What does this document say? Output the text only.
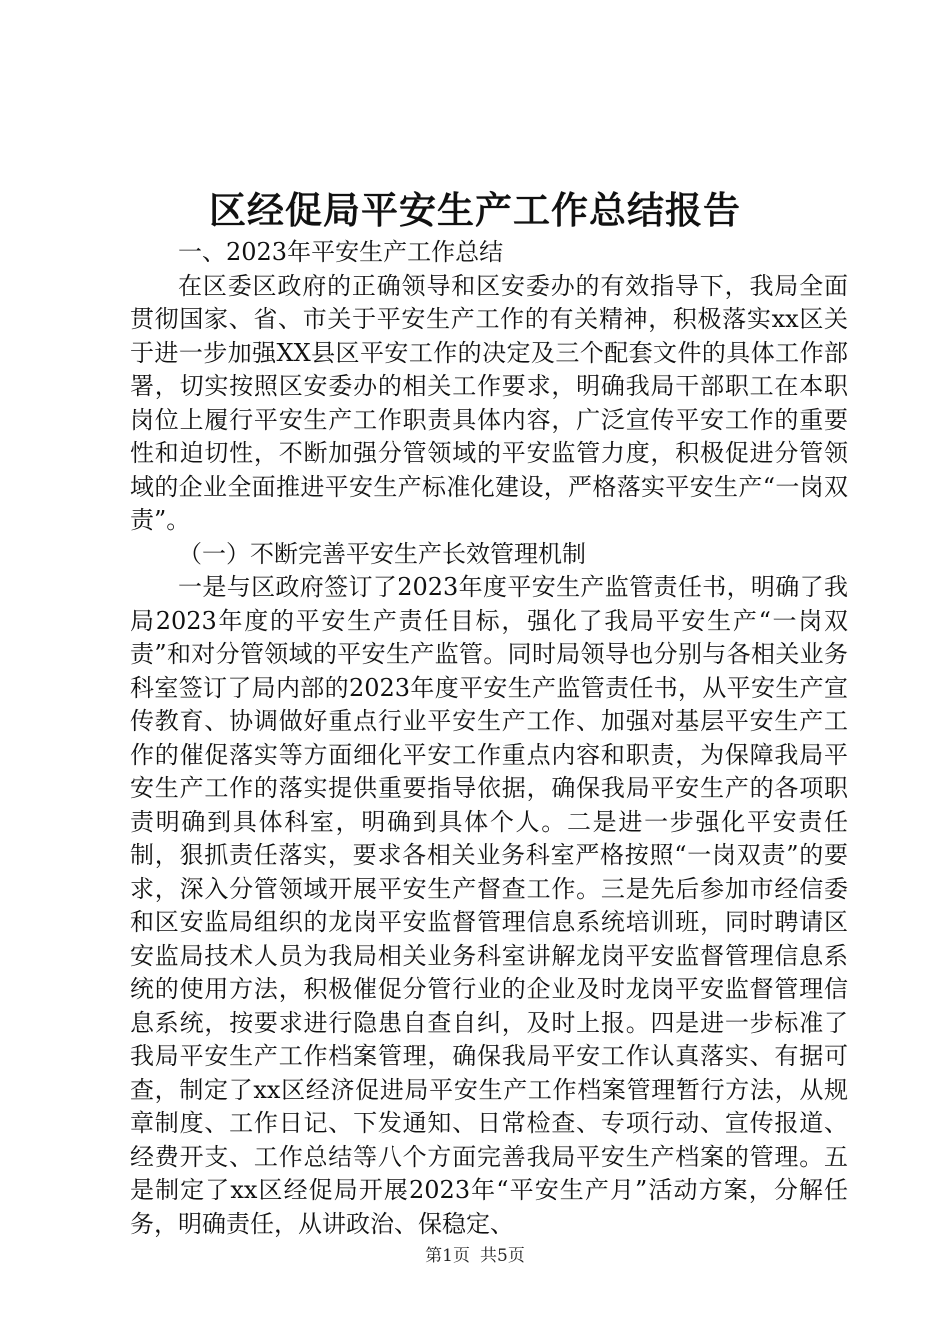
区经促局平安生产工作总结报告

一、2023年平安生产工作总结

在区委区政府的正确领导和区安委办的有效指导下，我局全面贯彻国家、省、市关于平安生产工作的有关精神，积极落实xx区关于进一步加强XX县区平安工作的决定及三个配套文件的具体工作部署，切实按照区安委办的相关工作要求，明确我局干部职工在本职岗位上履行平安生产工作职责具体内容，广泛宣传平安工作的重要性和迫切性，不断加强分管领域的平安监管力度，积极促进分管领域的企业全面推进平安生产标准化建设，严格落实平安生产“一岗双责”。

（一）不断完善平安生产长效管理机制

一是与区政府签订了2023年度平安生产监管责任书，明确了我局2023年度的平安生产责任目标，强化了我局平安生产“一岗双责”和对分管领域的平安生产监管。同时局领导也分别与各相关业务科室签订了局内部的2023年度平安生产监管责任书，从平安生产宣传教育、协调做好重点行业平安生产工作、加强对基层平安生产工作的催促落实等方面细化平安工作重点内容和职责，为保障我局平安生产工作的落实提供重要指导依据，确保我局平安生产的各项职责明确到具体科室，明确到具体个人。二是进一步强化平安责任制，狠抓责任落实，要求各相关业务科室严格按照“一岗双责”的要求，深入分管领域开展平安生产督查工作。三是先后参加市经信委和区安监局组织的龙岗平安监督管理信息系统培训班，同时聘请区安监局技术人员为我局相关业务科室讲解龙岗平安监督管理信息系统的使用方法，积极催促分管行业的企业及时龙岗平安监督管理信息系统，按要求进行隐患自查自纠，及时上报。四是进一步标准了我局平安生产工作档案管理，确保我局平安工作认真落实、有据可查，制定了xx区经济促进局平安生产工作档案管理暂行方法，从规章制度、工作日记、下发通知、日常检查、专项行动、宣传报道、经费开支、工作总结等八个方面完善我局平安生产档案的管理。五是制定了xx区经促局开展2023年“平安生产月”活动方案，分解任务，明确责任，从讲政治、保稳定、

第1页 共5页
